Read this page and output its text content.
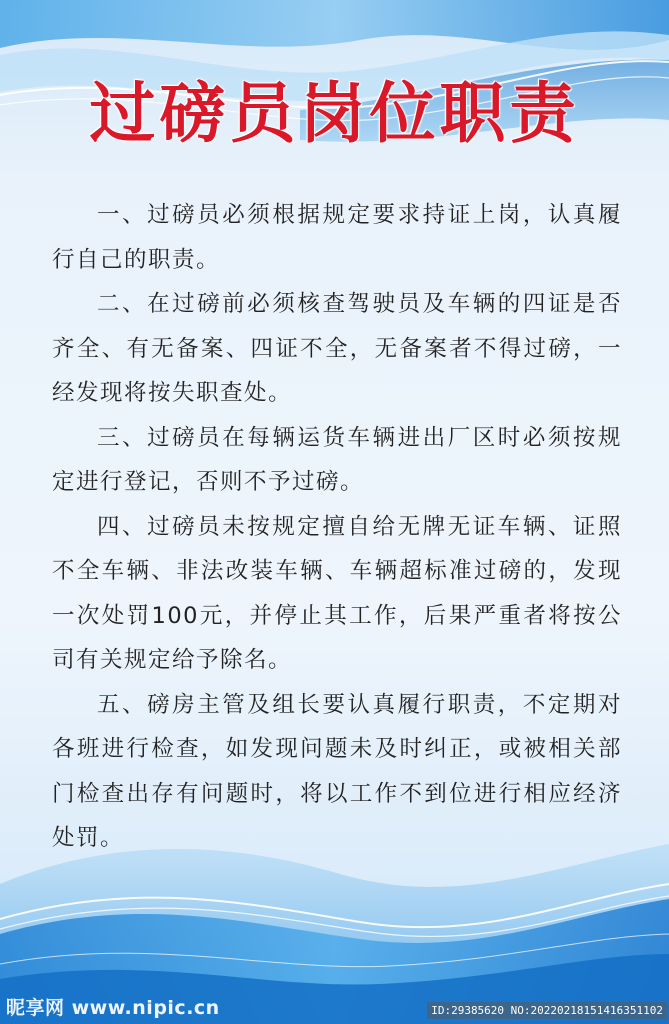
过磅员岗位职责

一、过磅员必须根据规定要求持证上岗，认真履行自己的职责。

二、在过磅前必须核查驾驶员及车辆的四证是否齐全、有无备案、四证不全，无备案者不得过磅，一经发现将按失职查处。

三、过磅员在每辆运货车辆进出厂区时必须按规定进行登记，否则不予过磅。

四、过磅员未按规定擅自给无牌无证车辆、证照不全车辆、非法改装车辆、车辆超标准过磅的，发现一次处罚100元，并停止其工作，后果严重者将按公司有关规定给予除名。

五、磅房主管及组长要认真履行职责，不定期对各班进行检查，如发现问题未及时纠正，或被相关部门检查出存有问题时，将以工作不到位进行相应经济处罚。

昵享网 www.nipic.cn	ID:29385620 NO:20220218151416351102
